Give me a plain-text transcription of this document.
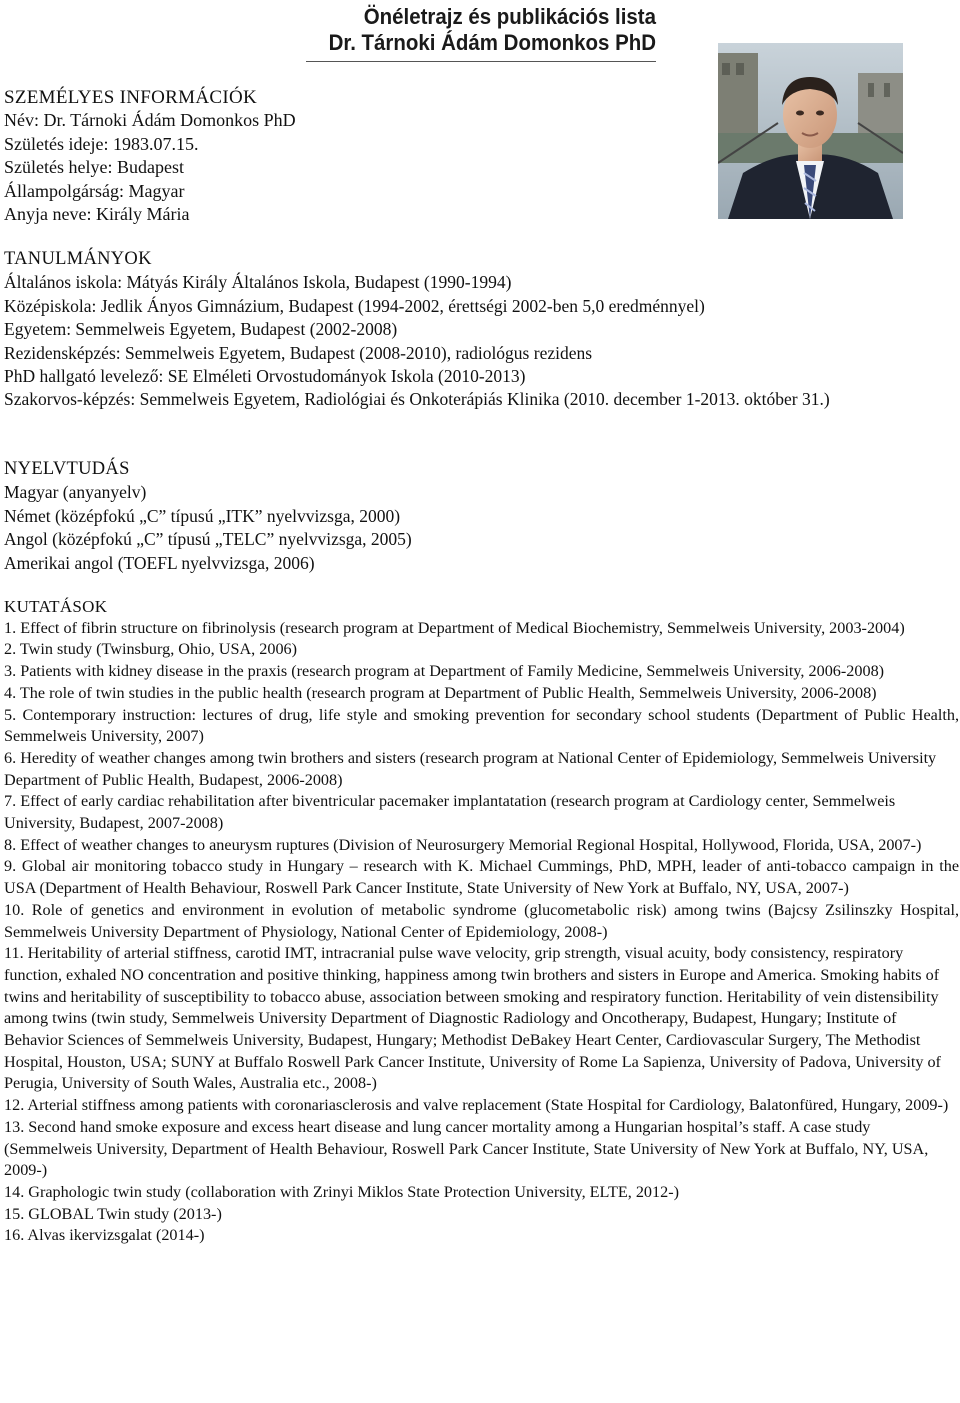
Önéletrajz és publikációs lista
Dr. Tárnoki Ádám Domonkos PhD
SZEMÉLYES INFORMÁCIÓK

Név: Dr. Tárnoki Ádám Domonkos PhD

Születés ideje: 1983.07.15.

Születés helye: Budapest

Állampolgárság: Magyar

Anyja neve: Király Mária

TANULMÁNYOK

Általános iskola: Mátyás Király Általános Iskola, Budapest (1990-1994)

Középiskola: Jedlik Ányos Gimnázium, Budapest (1994-2002, érettségi 2002-ben 5,0 eredménnyel)

Egyetem: Semmelweis Egyetem, Budapest (2002-2008)

Rezidensképzés: Semmelweis Egyetem, Budapest (2008-2010), radiológus rezidens

PhD hallgató levelező: SE Elméleti Orvostudományok Iskola (2010-2013)

Szakorvos-képzés: Semmelweis Egyetem, Radiológiai és Onkoterápiás Klinika (2010. december 1-2013. október 31.)

NYELVTUDÁS

Magyar (anyanyelv)

Német (középfokú „C” típusú „ITK” nyelvvizsga, 2000)

Angol (középfokú „C” típusú „TELC” nyelvvizsga, 2005)

Amerikai angol (TOEFL nyelvvizsga, 2006)

KUTATÁSOK

1. Effect of fibrin structure on fibrinolysis (research program at Department of Medical Biochemistry, Semmelweis University, 2003-2004)

2. Twin study (Twinsburg, Ohio, USA, 2006)

3. Patients with kidney disease in the praxis (research program at Department of Family Medicine, Semmelweis University, 2006-2008)

4. The role of twin studies in the public health (research program at Department of Public Health, Semmelweis University, 2006-2008)

5. Contemporary instruction: lectures of drug, life style and smoking prevention for secondary school students (Department of Public Health, Semmelweis University, 2007)

6. Heredity of weather changes among twin brothers and sisters (research program at National Center of Epidemiology, Semmelweis University Department of Public Health, Budapest, 2006-2008)

7. Effect of early cardiac rehabilitation after biventricular pacemaker implantatation (research program at Cardiology center, Semmelweis University, Budapest, 2007-2008)

8. Effect of weather changes to aneurysm ruptures (Division of Neurosurgery Memorial Regional Hospital, Hollywood, Florida, USA, 2007-)

9. Global air monitoring tobacco study in Hungary – research with K. Michael Cummings, PhD, MPH, leader of anti-tobacco campaign in the USA (Department of Health Behaviour, Roswell Park Cancer Institute, State University of New York at Buffalo, NY, USA, 2007-)

10. Role of genetics and environment in evolution of metabolic syndrome (glucometabolic risk) among twins (Bajcsy Zsilinszky Hospital, Semmelweis University Department of Physiology, National Center of Epidemiology, 2008-)

11. Heritability of arterial stiffness, carotid IMT, intracranial pulse wave velocity, grip strength, visual acuity, body consistency, respiratory function, exhaled NO concentration and positive thinking, happiness among twin brothers and sisters in Europe and America. Smoking habits of twins and heritability of susceptibility to tobacco abuse, association between smoking and respiratory function. Heritability of vein distensibility among twins (twin study, Semmelweis University Department of Diagnostic Radiology and Oncotherapy, Budapest, Hungary; Institute of Behavior Sciences of Semmelweis University, Budapest, Hungary; Methodist DeBakey Heart Center, Cardiovascular Surgery, The Methodist Hospital, Houston, USA; SUNY at Buffalo Roswell Park Cancer Institute, University of Rome La Sapienza, University of Padova, University of Perugia, University of South Wales, Australia etc., 2008-)

12. Arterial stiffness among patients with coronariasclerosis and valve replacement (State Hospital for Cardiology, Balatonfüred, Hungary, 2009-)

13. Second hand smoke exposure and excess heart disease and lung cancer mortality among a Hungarian hospital’s staff. A case study (Semmelweis University, Department of Health Behaviour, Roswell Park Cancer Institute, State University of New York at Buffalo, NY, USA, 2009-)

14. Graphologic twin study (collaboration with Zrinyi Miklos State Protection University, ELTE, 2012-)

15. GLOBAL Twin study (2013-)

16. Alvas ikervizsgalat (2014-)
